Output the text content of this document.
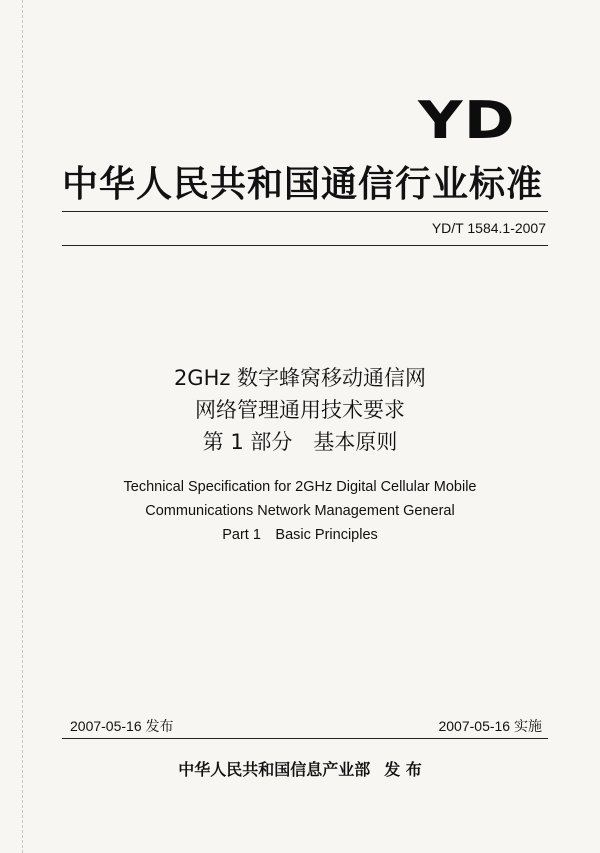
YD
中华人民共和国通信行业标准
YD/T 1584.1-2007

2GHz 数字蜂窝移动通信网

网络管理通用技术要求

第 1 部分　基本原则

Technical Specification for 2GHz Digital Cellular Mobile

Communications Network Management General

Part 1　Basic Principles

2007-05-16 发布	2007-05-16 实施
中华人民共和国信息产业部 发 布
